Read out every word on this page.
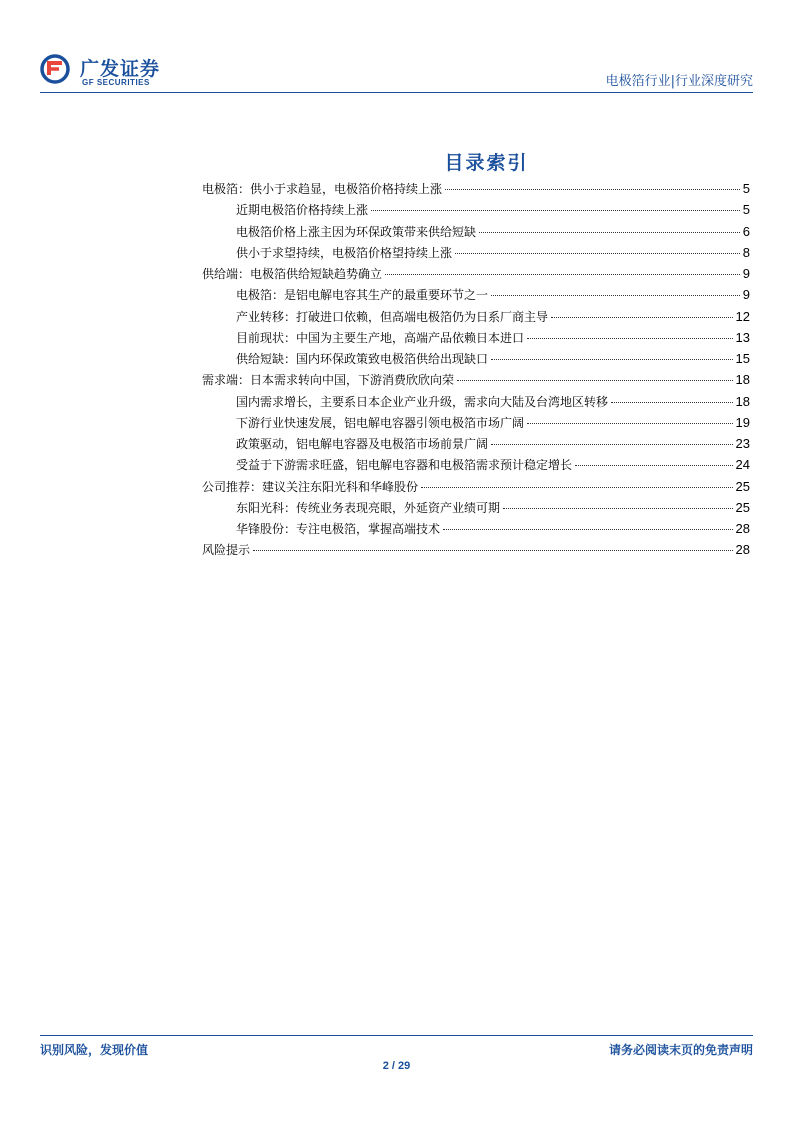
广发证券
GF SECURITIES	电极箔行业|行业深度研究
目录索引
电极箔：供小于求趋显，电极箔价格持续上涨	5
近期电极箔价格持续上涨	5
电极箔价格上涨主因为环保政策带来供给短缺	6
供小于求望持续，电极箔价格望持续上涨	8
供给端：电极箔供给短缺趋势确立	9
电极箔：是铝电解电容其生产的最重要环节之一	9
产业转移：打破进口依赖，但高端电极箔仍为日系厂商主导	12
目前现状：中国为主要生产地，高端产品依赖日本进口	13
供给短缺：国内环保政策致电极箔供给出现缺口	15
需求端：日本需求转向中国，下游消费欣欣向荣	18
国内需求增长，主要系日本企业产业升级，需求向大陆及台湾地区转移	18
下游行业快速发展，铝电解电容器引领电极箔市场广阔	19
政策驱动，铝电解电容器及电极箔市场前景广阔	23
受益于下游需求旺盛，铝电解电容器和电极箔需求预计稳定增长	24
公司推荐：建议关注东阳光科和华峰股份	25
东阳光科：传统业务表现亮眼，外延资产业绩可期	25
华锋股份：专注电极箔，掌握高端技术	28
风险提示	28
识别风险，发现价值	请务必阅读末页的免责声明
2 / 29
